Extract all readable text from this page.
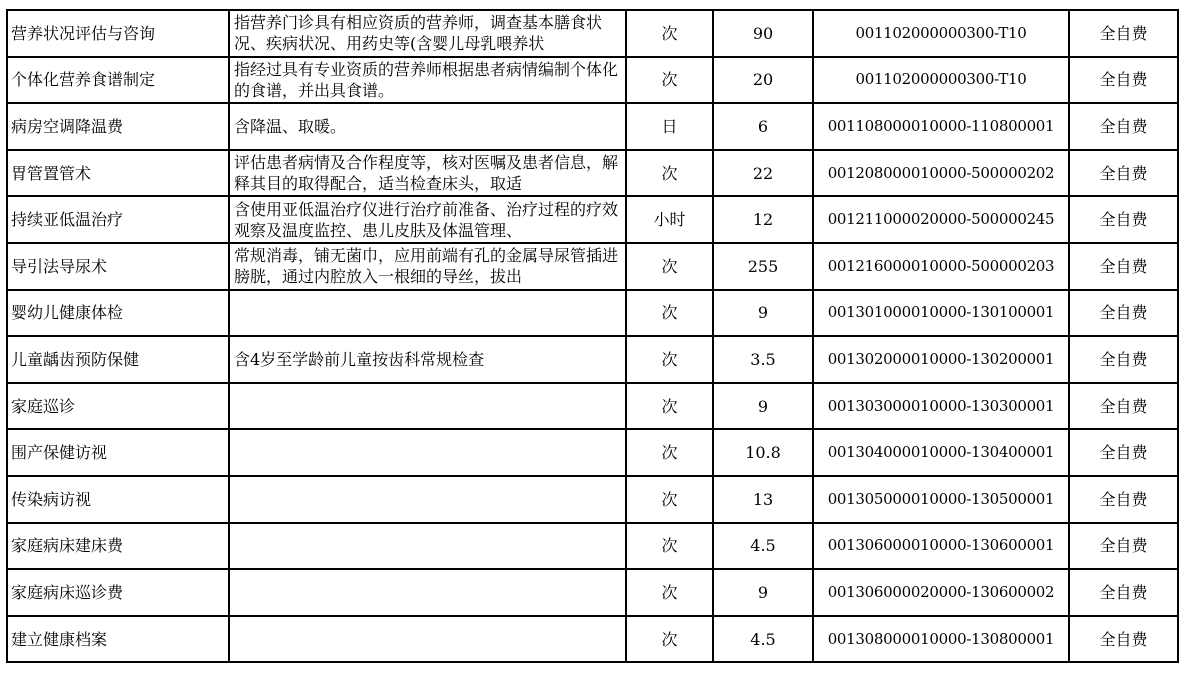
营养状况评估与咨询	指营养门诊具有相应资质的营养师，调查基本膳食状况、疾病状况、用药史等(含婴儿母乳喂养状	次	90	001102000000300-T10	全自费
个体化营养食谱制定	指经过具有专业资质的营养师根据患者病情编制个体化的食谱，并出具食谱。	次	20	001102000000300-T10	全自费
病房空调降温费	含降温、取暖。	日	6	001108000010000-110800001	全自费
胃管置管术	评估患者病情及合作程度等，核对医嘱及患者信息，解释其目的取得配合，适当检查床头，取适	次	22	001208000010000-500000202	全自费
持续亚低温治疗	含使用亚低温治疗仪进行治疗前准备、治疗过程的疗效观察及温度监控、患儿皮肤及体温管理、	小时	12	001211000020000-500000245	全自费
导引法导尿术	常规消毒，铺无菌巾，应用前端有孔的金属导尿管插进膀胱，通过内腔放入一根细的导丝，拔出	次	255	001216000010000-500000203	全自费
婴幼儿健康体检		次	9	001301000010000-130100001	全自费
儿童龋齿预防保健	含4岁至学龄前儿童按齿科常规检查	次	3.5	001302000010000-130200001	全自费
家庭巡诊		次	9	001303000010000-130300001	全自费
围产保健访视		次	10.8	001304000010000-130400001	全自费
传染病访视		次	13	001305000010000-130500001	全自费
家庭病床建床费		次	4.5	001306000010000-130600001	全自费
家庭病床巡诊费		次	9	001306000020000-130600002	全自费
建立健康档案		次	4.5	001308000010000-130800001	全自费
